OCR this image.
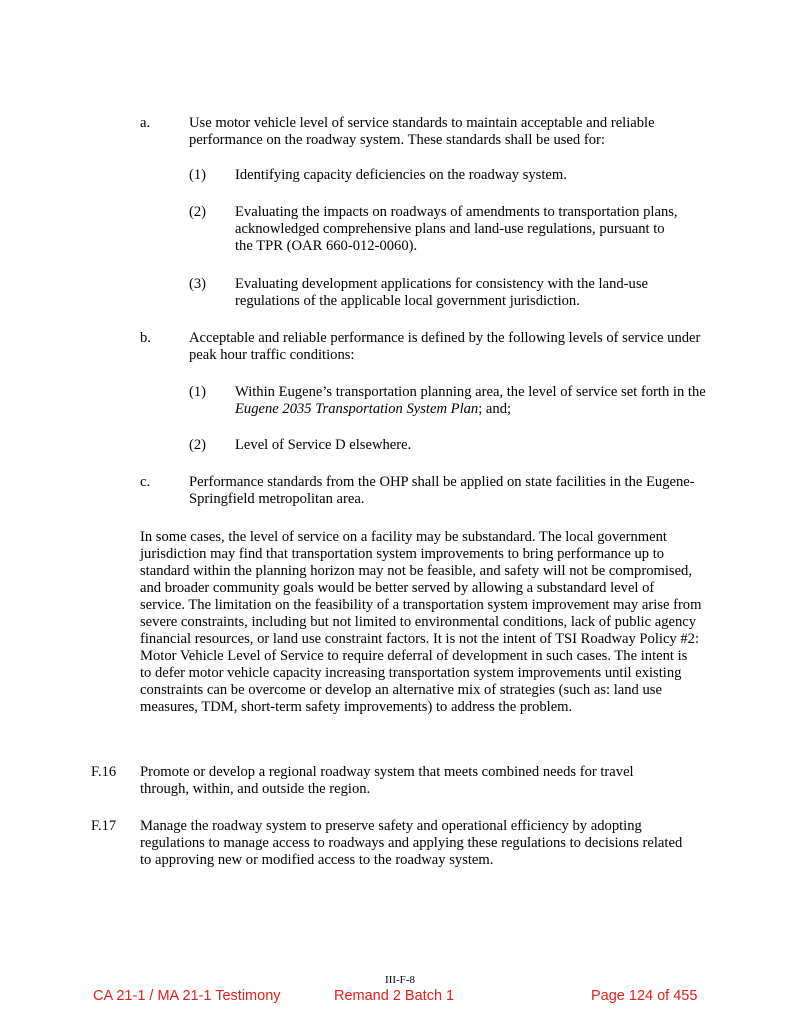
a.	Use motor vehicle level of service standards to maintain acceptable and reliable performance on the roadway system. These standards shall be used for:

(1) Identifying capacity deficiencies on the roadway system.

(2) Evaluating the impacts on roadways of amendments to transportation plans, acknowledged comprehensive plans and land-use regulations, pursuant to the TPR (OAR 660-012-0060).

(3) Evaluating development applications for consistency with the land-use regulations of the applicable local government jurisdiction.

b.	Acceptable and reliable performance is defined by the following levels of service under peak hour traffic conditions:

(1) Within Eugene’s transportation planning area, the level of service set forth in the Eugene 2035 Transportation System Plan; and;

(2) Level of Service D elsewhere.

c.	Performance standards from the OHP shall be applied on state facilities in the Eugene-Springfield metropolitan area.

In some cases, the level of service on a facility may be substandard. The local government jurisdiction may find that transportation system improvements to bring performance up to standard within the planning horizon may not be feasible, and safety will not be compromised, and broader community goals would be better served by allowing a substandard level of service. The limitation on the feasibility of a transportation system improvement may arise from severe constraints, including but not limited to environmental conditions, lack of public agency financial resources, or land use constraint factors. It is not the intent of TSI Roadway Policy #2: Motor Vehicle Level of Service to require deferral of development in such cases. The intent is to defer motor vehicle capacity increasing transportation system improvements until existing constraints can be overcome or develop an alternative mix of strategies (such as: land use measures, TDM, short-term safety improvements) to address the problem.

F.16 Promote or develop a regional roadway system that meets combined needs for travel through, within, and outside the region.

F.17 Manage the roadway system to preserve safety and operational efficiency by adopting regulations to manage access to roadways and applying these regulations to decisions related to approving new or modified access to the roadway system.

III-F-8
CA 21-1 / MA 21-1 Testimony	Remand 2 Batch 1	Page 124 of 455
